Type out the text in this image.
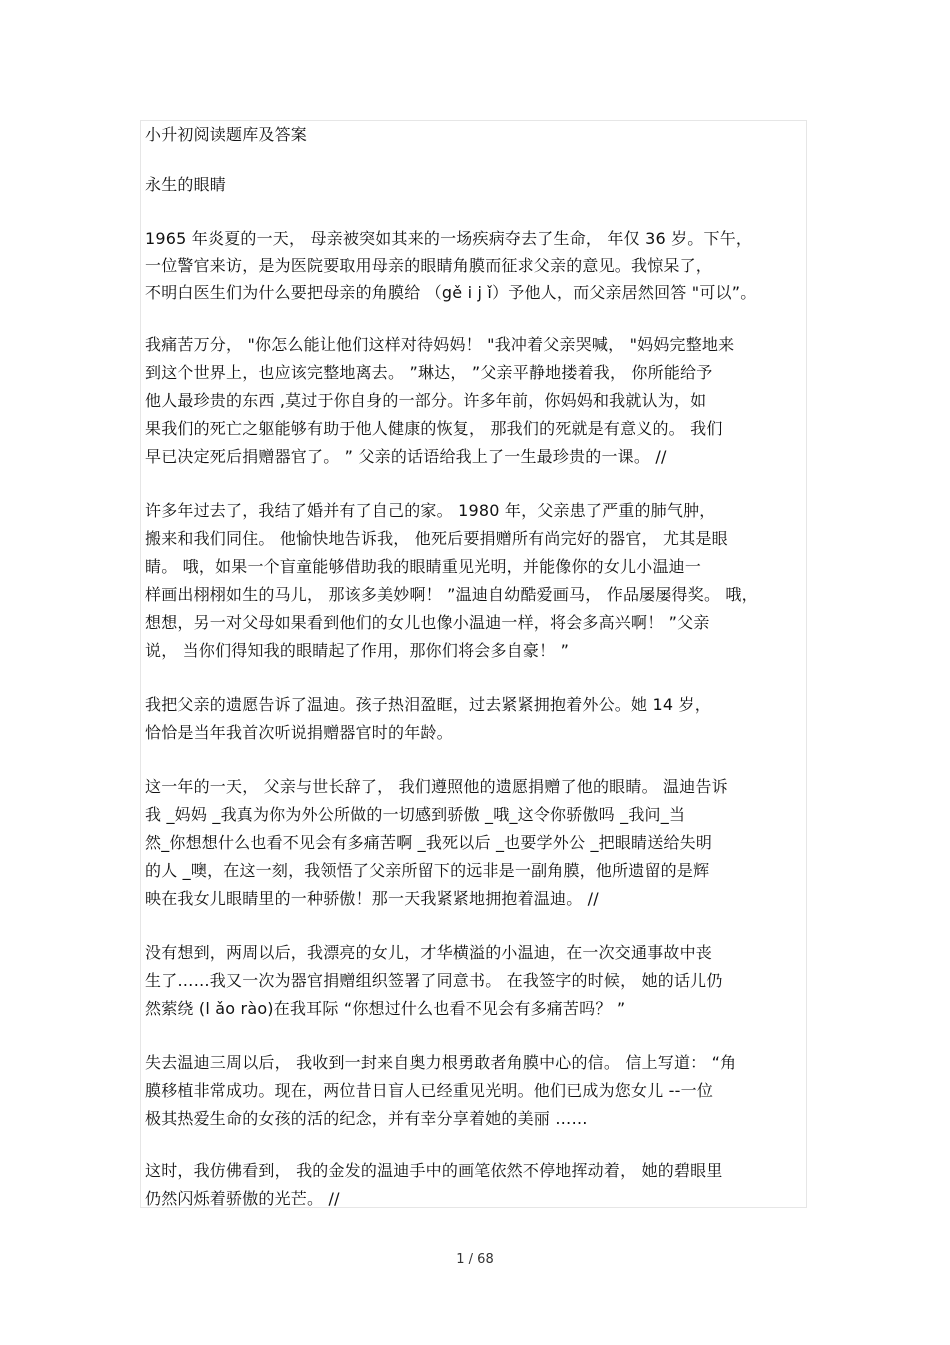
小升初阅读题库及答案
永生的眼睛
1965 年炎夏的一天， 母亲被突如其来的一场疾病夺去了生命， 年仅 36 岁。下午，
一位警官来访，是为医院要取用母亲的眼睛角膜而征求父亲的意见。我惊呆了，
不明白医生们为什么要把母亲的角膜给 （gě i j ǐ）予他人，而父亲居然回答 "可以”。
我痛苦万分， "你怎么能让他们这样对待妈妈！ "我冲着父亲哭喊， "妈妈完整地来
到这个世界上，也应该完整地离去。 ”琳达， ”父亲平静地搂着我， 你所能给予
他人最珍贵的东西 ,莫过于你自身的一部分。许多年前，你妈妈和我就认为，如
果我们的死亡之躯能够有助于他人健康的恢复， 那我们的死就是有意义的。 我们
早已决定死后捐赠器官了。 ” 父亲的话语给我上了一生最珍贵的一课。 //
许多年过去了，我结了婚并有了自己的家。 1980 年，父亲患了严重的肺气肿，
搬来和我们同住。 他愉快地告诉我， 他死后要捐赠所有尚完好的器官， 尤其是眼
睛。 哦，如果一个盲童能够借助我的眼睛重见光明，并能像你的女儿小温迪一
样画出栩栩如生的马儿， 那该多美妙啊！ ”温迪自幼酷爱画马， 作品屡屡得奖。 哦，
想想，另一对父母如果看到他们的女儿也像小温迪一样，将会多高兴啊！ ”父亲
说， 当你们得知我的眼睛起了作用，那你们将会多自豪！ ”
我把父亲的遗愿告诉了温迪。孩子热泪盈眶，过去紧紧拥抱着外公。她 14 岁，
恰恰是当年我首次听说捐赠器官时的年龄。
这一年的一天， 父亲与世长辞了， 我们遵照他的遗愿捐赠了他的眼睛。 温迪告诉
我 _妈妈 _我真为你为外公所做的一切感到骄傲 _哦_这令你骄傲吗 _我问_当
然_你想想什么也看不见会有多痛苦啊 _我死以后 _也要学外公 _把眼睛送给失明
的人 _噢，在这一刻，我领悟了父亲所留下的远非是一副角膜，他所遗留的是辉
映在我女儿眼睛里的一种骄傲！那一天我紧紧地拥抱着温迪。 //
没有想到，两周以后，我漂亮的女儿，才华横溢的小温迪，在一次交通事故中丧
生了……我又一次为器官捐赠组织签署了同意书。 在我签字的时候， 她的话儿仍
然萦绕 (l ǎo rào)在我耳际 “你想过什么也看不见会有多痛苦吗？ ”
失去温迪三周以后， 我收到一封来自奥力根勇敢者角膜中心的信。 信上写道： “角
膜移植非常成功。现在，两位昔日盲人已经重见光明。他们已成为您女儿 --一位
极其热爱生命的女孩的活的纪念，并有幸分享着她的美丽 ……
这时，我仿佛看到， 我的金发的温迪手中的画笔依然不停地挥动着， 她的碧眼里
仍然闪烁着骄傲的光芒。 //
1 / 68
